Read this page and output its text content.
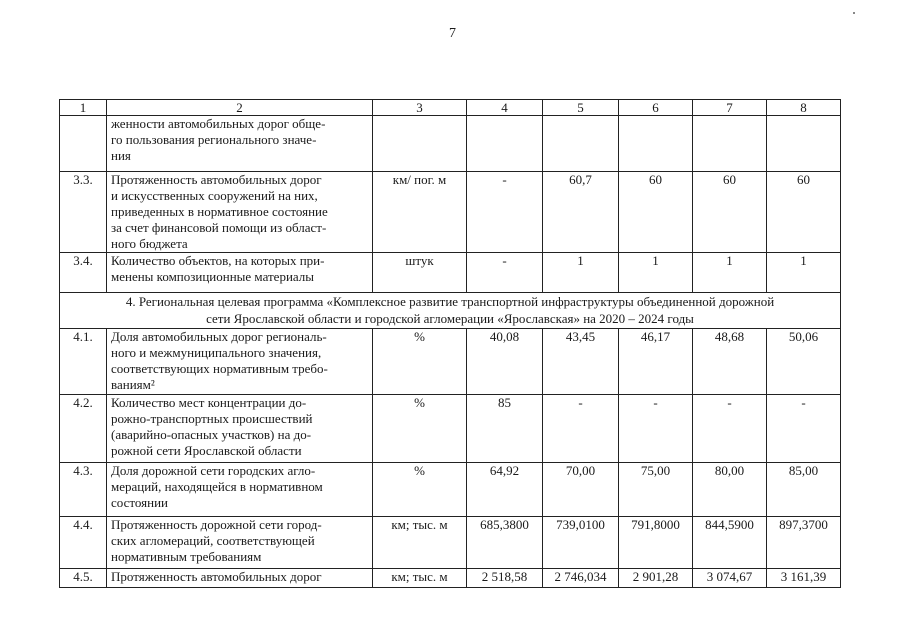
7
1	2	3	4	5	6	7	8

	женности автомобильных дорог обще-
го пользования регионального значе-
ния						

3.3.	Протяженность автомобильных дорог
и искусственных сооружений на них,
приведенных в нормативное состояние
за счет финансовой помощи из област-
ного бюджета	км/ пог. м	-	60,7	60	60	60
3.4.	Количество объектов, на которых при-
менены композиционные материалы	штук	-	1	1	1	1

4. Региональная целевая программа «Комплексное развитие транспортной инфраструктуры объединенной дорожной
сети Ярославской области и городской агломерации «Ярославская» на 2020 – 2024 годы							

4.1.	Доля автомобильных дорог региональ-
ного и межмуниципального значения,
соответствующих нормативным требо-
ваниям²	%	40,08	43,45	46,17	48,68	50,06
4.2.	Количество мест концентрации до-
рожно-транспортных происшествий
(аварийно-опасных участков) на до-
рожной сети Ярославской области	%	85	-	-	-	-
4.3.	Доля дорожной сети городских агло-
мераций, находящейся в нормативном
состоянии	%	64,92	70,00	75,00	80,00	85,00
4.4.	Протяженность дорожной сети город-
ских агломераций, соответствующей
нормативным требованиям	км; тыс. м	685,3800	739,0100	791,8000	844,5900	897,3700
4.5.	Протяженность автомобильных дорог	км; тыс. м	2 518,58	2 746,034	2 901,28	3 074,67	3 161,39
